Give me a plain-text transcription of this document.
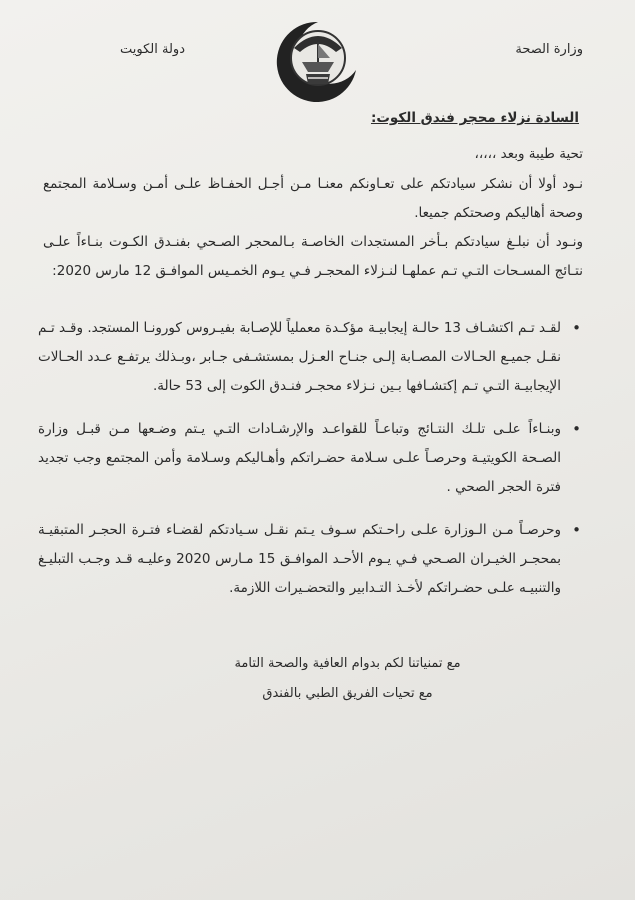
وزارة الصحة
دولة الكويت
السادة نزلاء محجر فندق الكوت:
تحية طيبة وبعد ،،،،،
نـود أولا أن نشكر سيادتكم على تعـاونكم معنـا مـن أجـل الحفـاظ علـى أمـن وسـلامة المجتمع وصحة أهاليكم وصحتكم جميعا.
ونـود أن نبلـغ سيادتكم بـأخر المستجدات الخاصـة بـالمحجر الصـحي بفنـدق الكـوت بنـاءاً علـى نتـائج المسـحات التـي تـم عملهـا لنـزلاء المحجـر فـي يـوم الخمـيس الموافـق 12 مارس 2020:
• لقـد تـم اكتشـاف 13 حالـة إيجابيـة مؤكـدة معملياً للإصـابة بفيـروس كورونـا المستجد. وقـد تـم نقـل جميـع الحـالات المصـابة إلـى جنـاح العـزل بمستشـفى جـابر ،وبـذلك يرتفـع عـدد الحـالات الإيجابيـة التـي تـم إكتشـافها بـين نـزلاء محجـر فنـدق الكوت إلى 53 حالة.
• وبنـاءاً علـى تلـك النتـائج وتباعـاً للقواعـد والإرشـادات التـي يـتم وضـعها مـن قبـل وزارة الصـحة الكويتيـة وحرصـاً علـى سـلامة حضـراتكم وأهـاليكم وسـلامة وأمن المجتمع وجب تجديد فترة الحجر الصحي .
• وحرصـاً مـن الـوزارة علـى راحـتكم سـوف يـتم نقـل سـيادتكم لقضـاء فتـرة الحجـر المتبقيـة بمحجـر الخيـران الصـحي فـي يـوم الأحـد الموافـق 15 مـارس 2020 وعليـه قـد وجـب التبليـغ والتنبيـه علـى حضـراتكم لأخـذ التـدابير والتحضـيرات اللازمة.
مع تمنياتنا لكم بدوام العافية والصحة التامة
مع تحيات الفريق الطبي بالفندق
